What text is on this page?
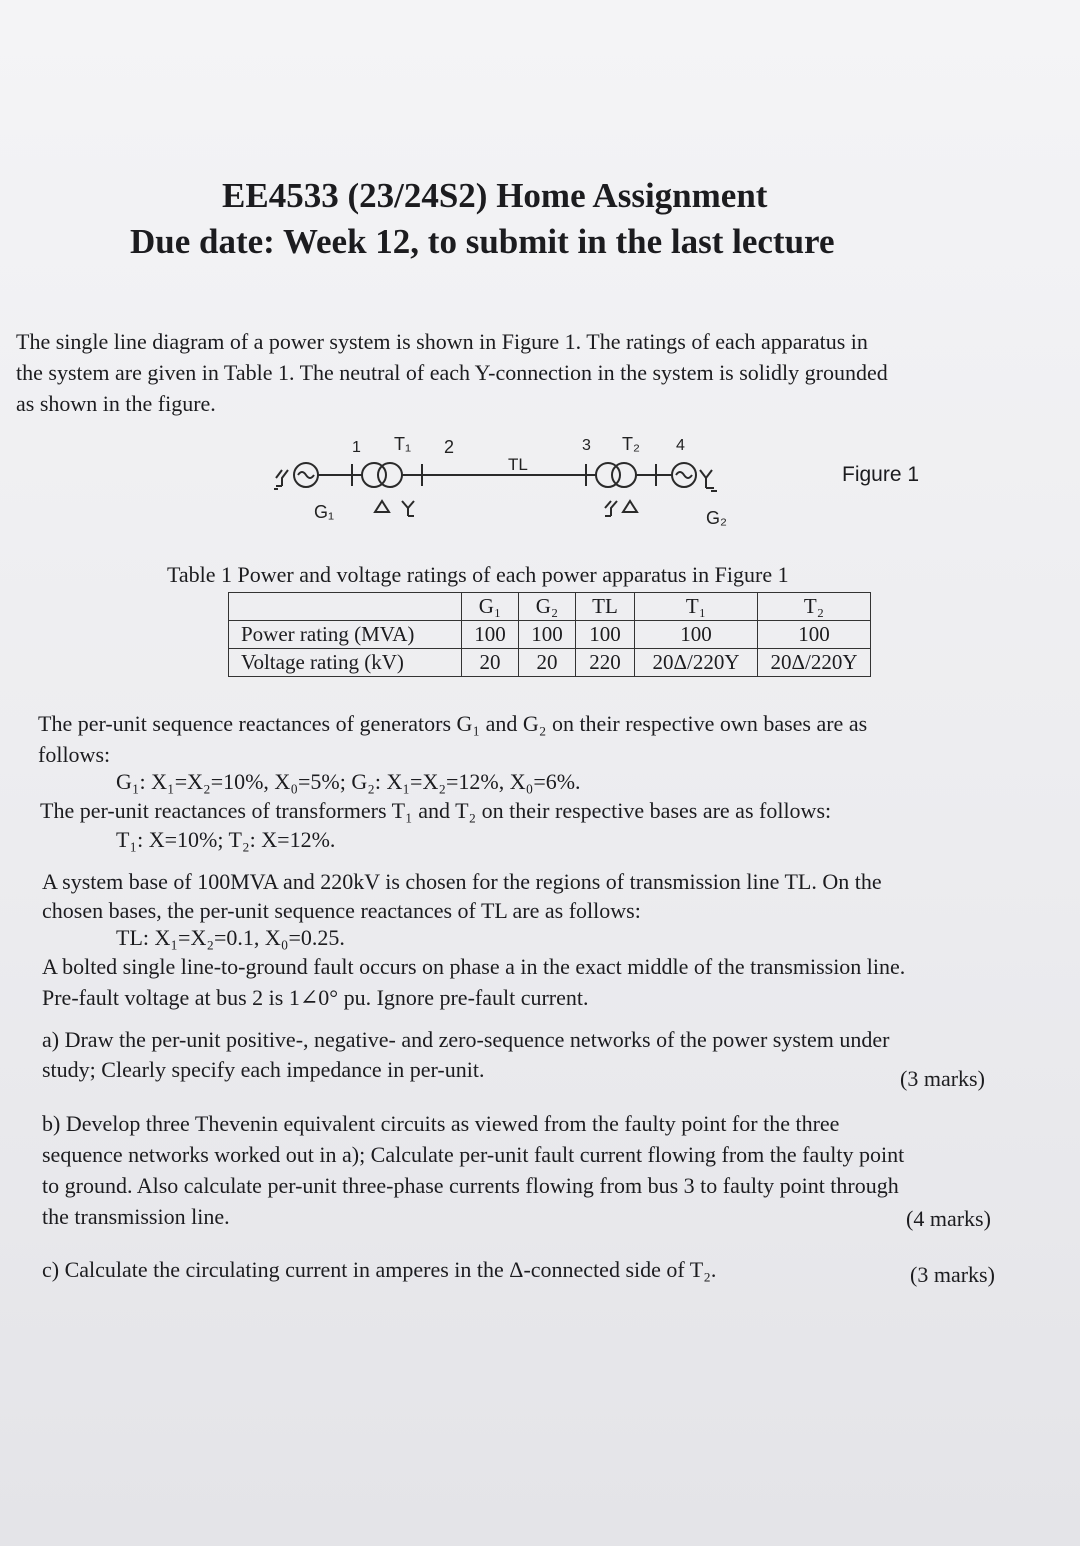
EE4533 (23/24S2) Home Assignment
Due date: Week 12, to submit in the last lecture
The single line diagram of a power system is shown in Figure 1. The ratings of each apparatus in
the system are given in Table 1. The neutral of each Y-connection in the system is solidly grounded
as shown in the figure.
1 T₁ 2
TL
3 T₂ 4
G₁	G₂
Figure 1
Table 1 Power and voltage ratings of each power apparatus in Figure 1
	G₁	G₂	TL	T₁	T₂
Power rating (MVA)	100	100	100	100	100
Voltage rating (kV)	20	20	220	20Δ/220Y	20Δ/220Y
The per-unit sequence reactances of generators G₁ and G₂ on their respective own bases are as
follows:
G₁: X₁=X₂=10%, X₀=5%; G₂: X₁=X₂=12%, X₀=6%.
The per-unit reactances of transformers T₁ and T₂ on their respective bases are as follows:
T₁: X=10%; T₂: X=12%.
A system base of 100MVA and 220kV is chosen for the regions of transmission line TL. On the
chosen bases, the per-unit sequence reactances of TL are as follows:
TL: X₁=X₂=0.1, X₀=0.25.
A bolted single line-to-ground fault occurs on phase a in the exact middle of the transmission line.
Pre-fault voltage at bus 2 is 1∠0° pu. Ignore pre-fault current.
a) Draw the per-unit positive-, negative- and zero-sequence networks of the power system under
study; Clearly specify each impedance in per-unit.	(3 marks)
b) Develop three Thevenin equivalent circuits as viewed from the faulty point for the three
sequence networks worked out in a); Calculate per-unit fault current flowing from the faulty point
to ground. Also calculate per-unit three-phase currents flowing from bus 3 to faulty point through
the transmission line.	(4 marks)
c) Calculate the circulating current in amperes in the Δ-connected side of T₂.	(3 marks)
